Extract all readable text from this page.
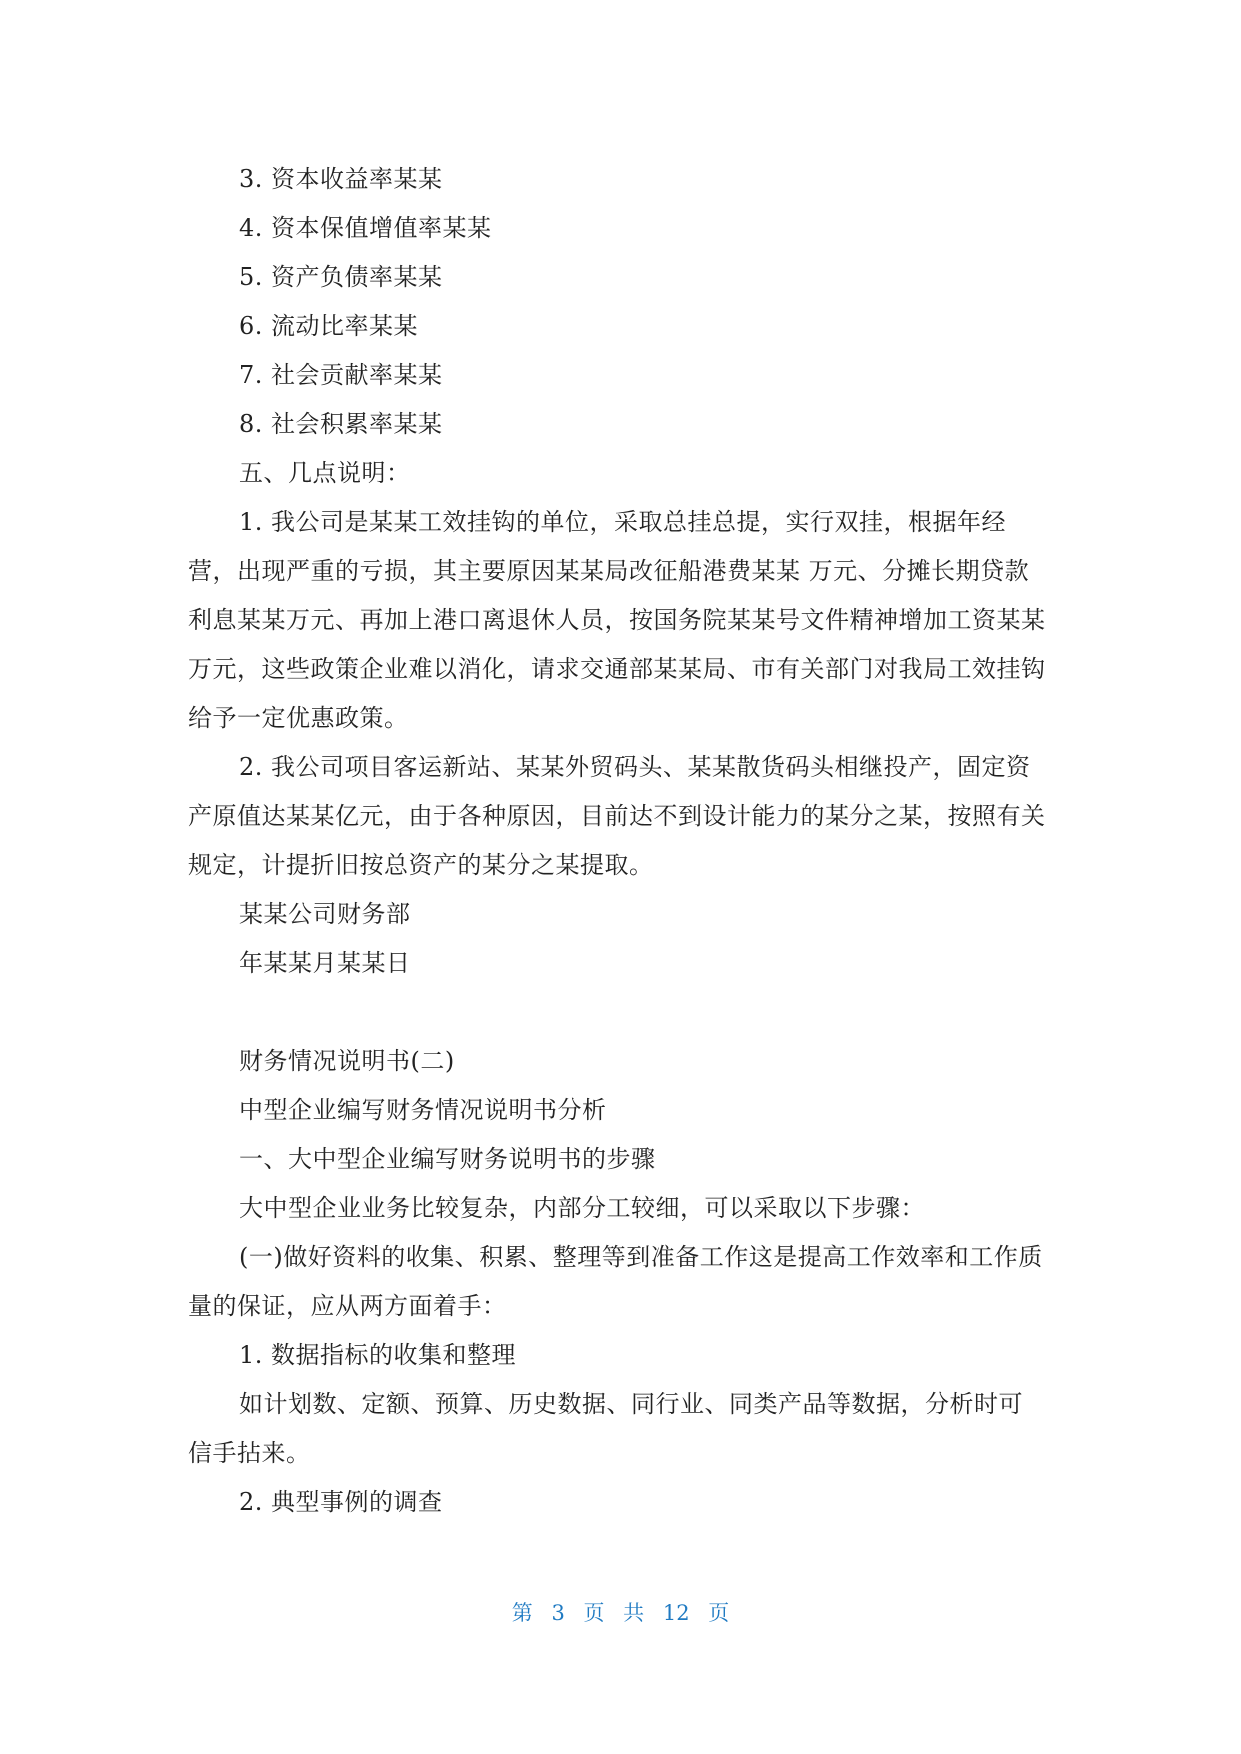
3. 资本收益率某某

4. 资本保值增值率某某

5. 资产负债率某某

6. 流动比率某某

7. 社会贡献率某某

8. 社会积累率某某

五、几点说明：

1. 我公司是某某工效挂钩的单位，采取总挂总提，实行双挂，根据年经营，出现严重的亏损，其主要原因某某局改征船港费某某 万元、分摊长期贷款利息某某万元、再加上港口离退休人员，按国务院某某号文件精神增加工资某某万元，这些政策企业难以消化，请求交通部某某局、市有关部门对我局工效挂钩给予一定优惠政策。

2. 我公司项目客运新站、某某外贸码头、某某散货码头相继投产，固定资产原值达某某亿元，由于各种原因，目前达不到设计能力的某分之某，按照有关规定，计提折旧按总资产的某分之某提取。

某某公司财务部

年某某月某某日

财务情况说明书(二)

中型企业编写财务情况说明书分析

一、大中型企业编写财务说明书的步骤

大中型企业业务比较复杂，内部分工较细，可以采取以下步骤：

(一)做好资料的收集、积累、整理等到准备工作这是提高工作效率和工作质量的保证，应从两方面着手：

1. 数据指标的收集和整理

如计划数、定额、预算、历史数据、同行业、同类产品等数据，分析时可信手拈来。

2. 典型事例的调查

第 3 页 共 12 页
